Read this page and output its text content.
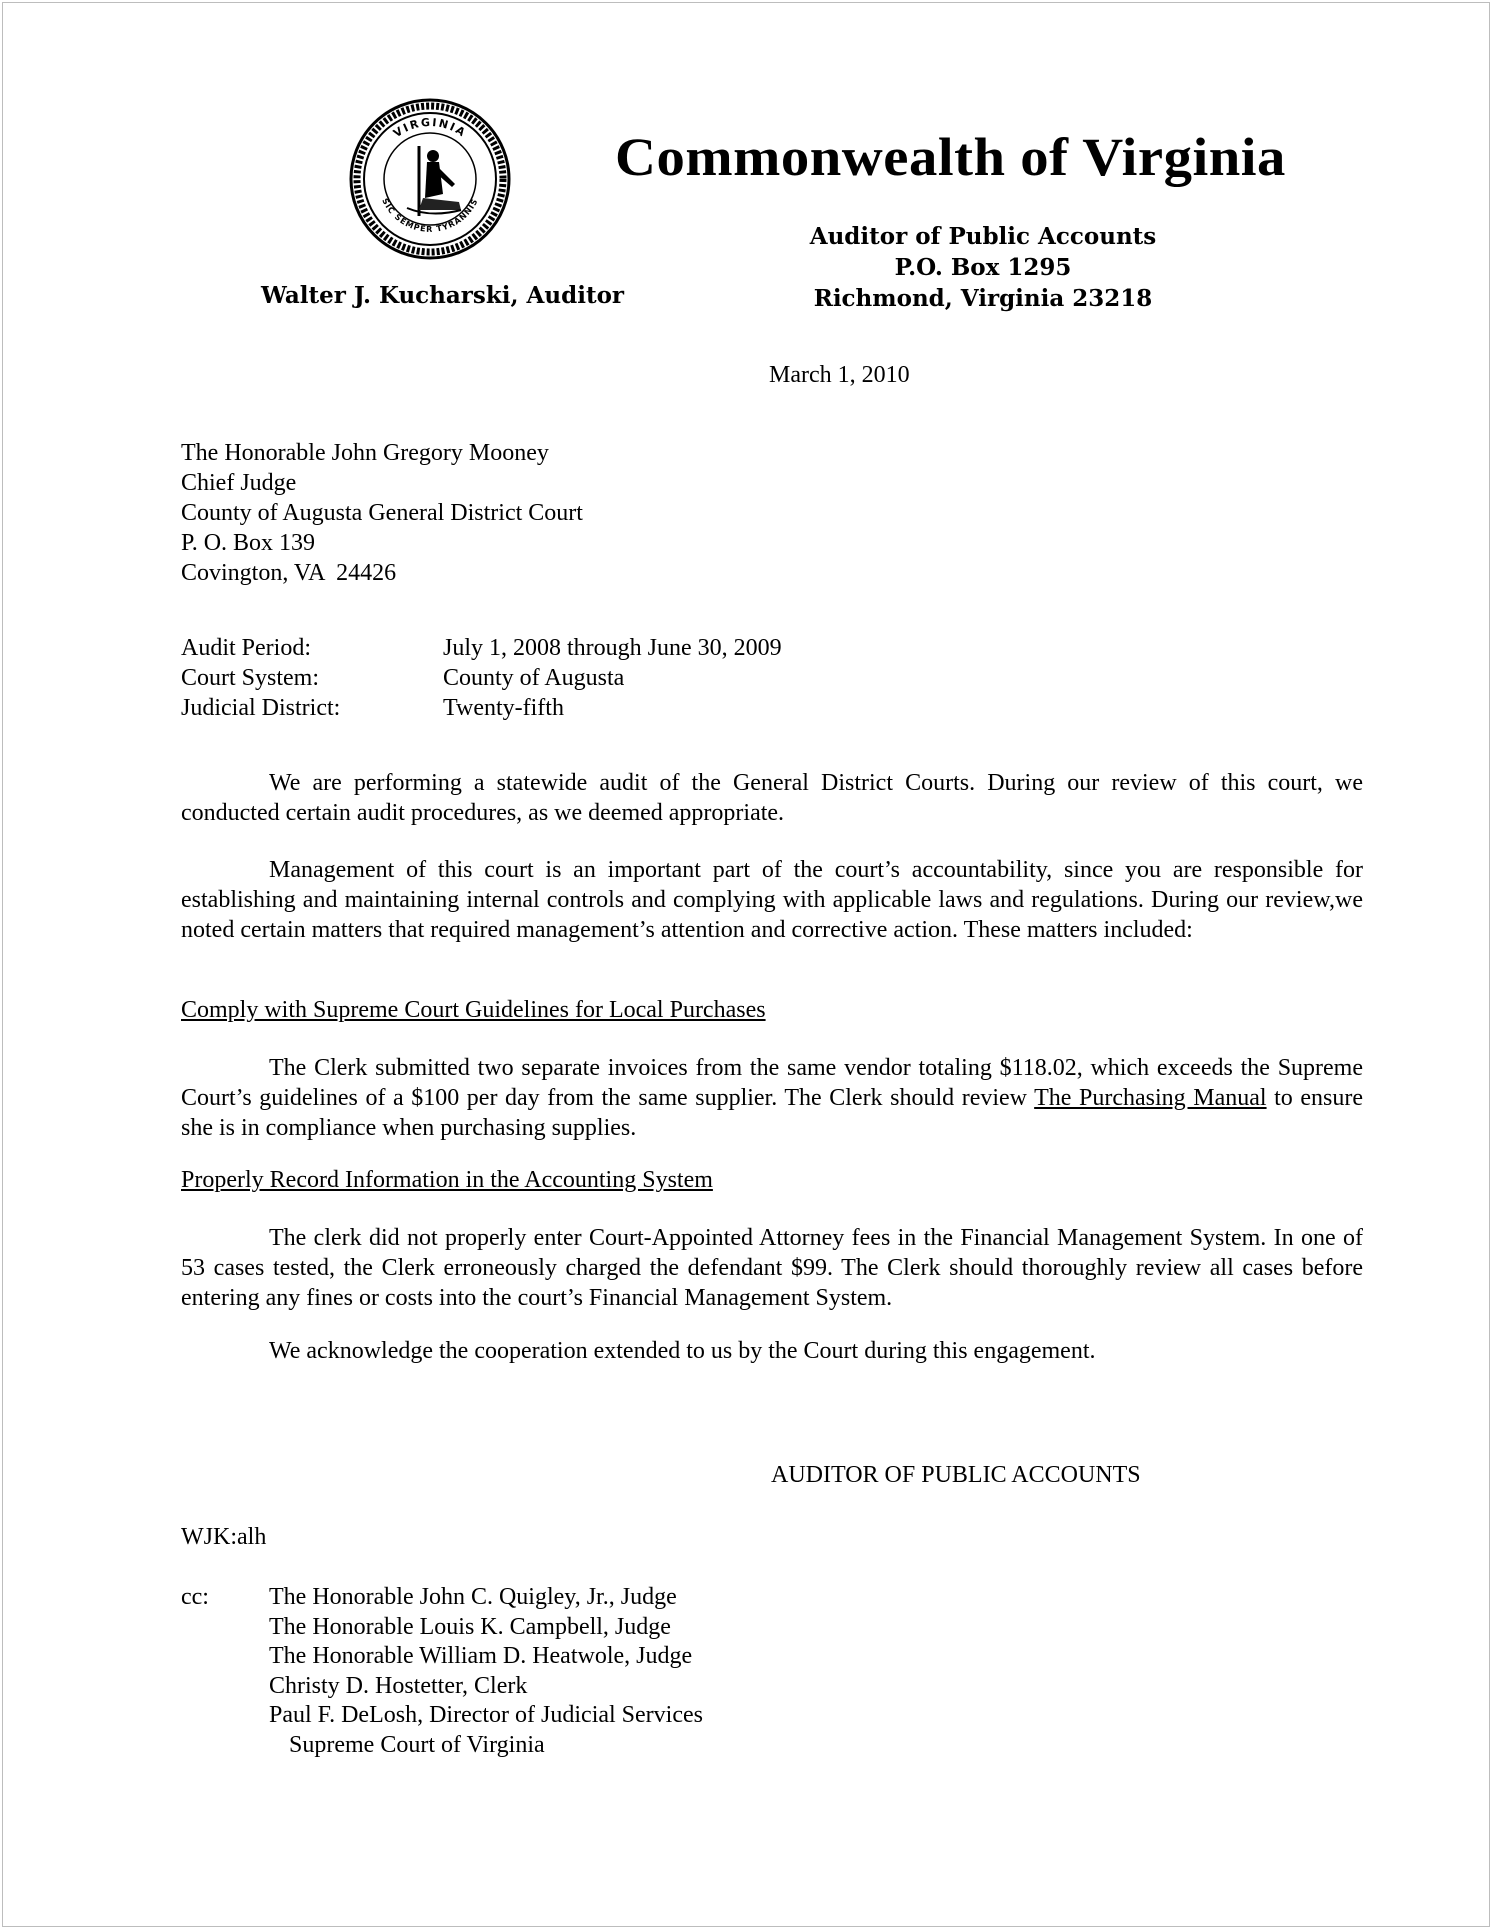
VIRGINIA
SIC SEMPER TYRANNIS
Commonwealth of Virginia
Auditor of Public Accounts
P.O. Box 1295
Richmond, Virginia 23218
Walter J. Kucharski, Auditor
March 1, 2010
The Honorable John Gregory Mooney
Chief Judge
County of Augusta General District Court
P. O. Box 139
Covington, VA  24426
Audit Period:	July 1, 2008 through June 30, 2009
Court System:	County of Augusta
Judicial District:	Twenty-fifth
We are performing a statewide audit of the General District Courts. During our review of this court, we conducted certain audit procedures, as we deemed appropriate.
Management of this court is an important part of the court’s accountability, since you are responsible for establishing and maintaining internal controls and complying with applicable laws and regulations. During our review,we noted certain matters that required management’s attention and corrective action. These matters included:
Comply with Supreme Court Guidelines for Local Purchases
The Clerk submitted two separate invoices from the same vendor totaling $118.02, which exceeds the Supreme Court’s guidelines of a $100 per day from the same supplier. The Clerk should review The Purchasing Manual to ensure she is in compliance when purchasing supplies.
Properly Record Information in the Accounting System
The clerk did not properly enter Court-Appointed Attorney fees in the Financial Management System. In one of 53 cases tested, the Clerk erroneously charged the defendant $99. The Clerk should thoroughly review all cases before entering any fines or costs into the court’s Financial Management System.
We acknowledge the cooperation extended to us by the Court during this engagement.
AUDITOR OF PUBLIC ACCOUNTS
WJK:alh
cc:	The Honorable John C. Quigley, Jr., Judge
The Honorable Louis K. Campbell, Judge
The Honorable William D. Heatwole, Judge
Christy D. Hostetter, Clerk
Paul F. DeLosh, Director of Judicial Services
Supreme Court of Virginia
